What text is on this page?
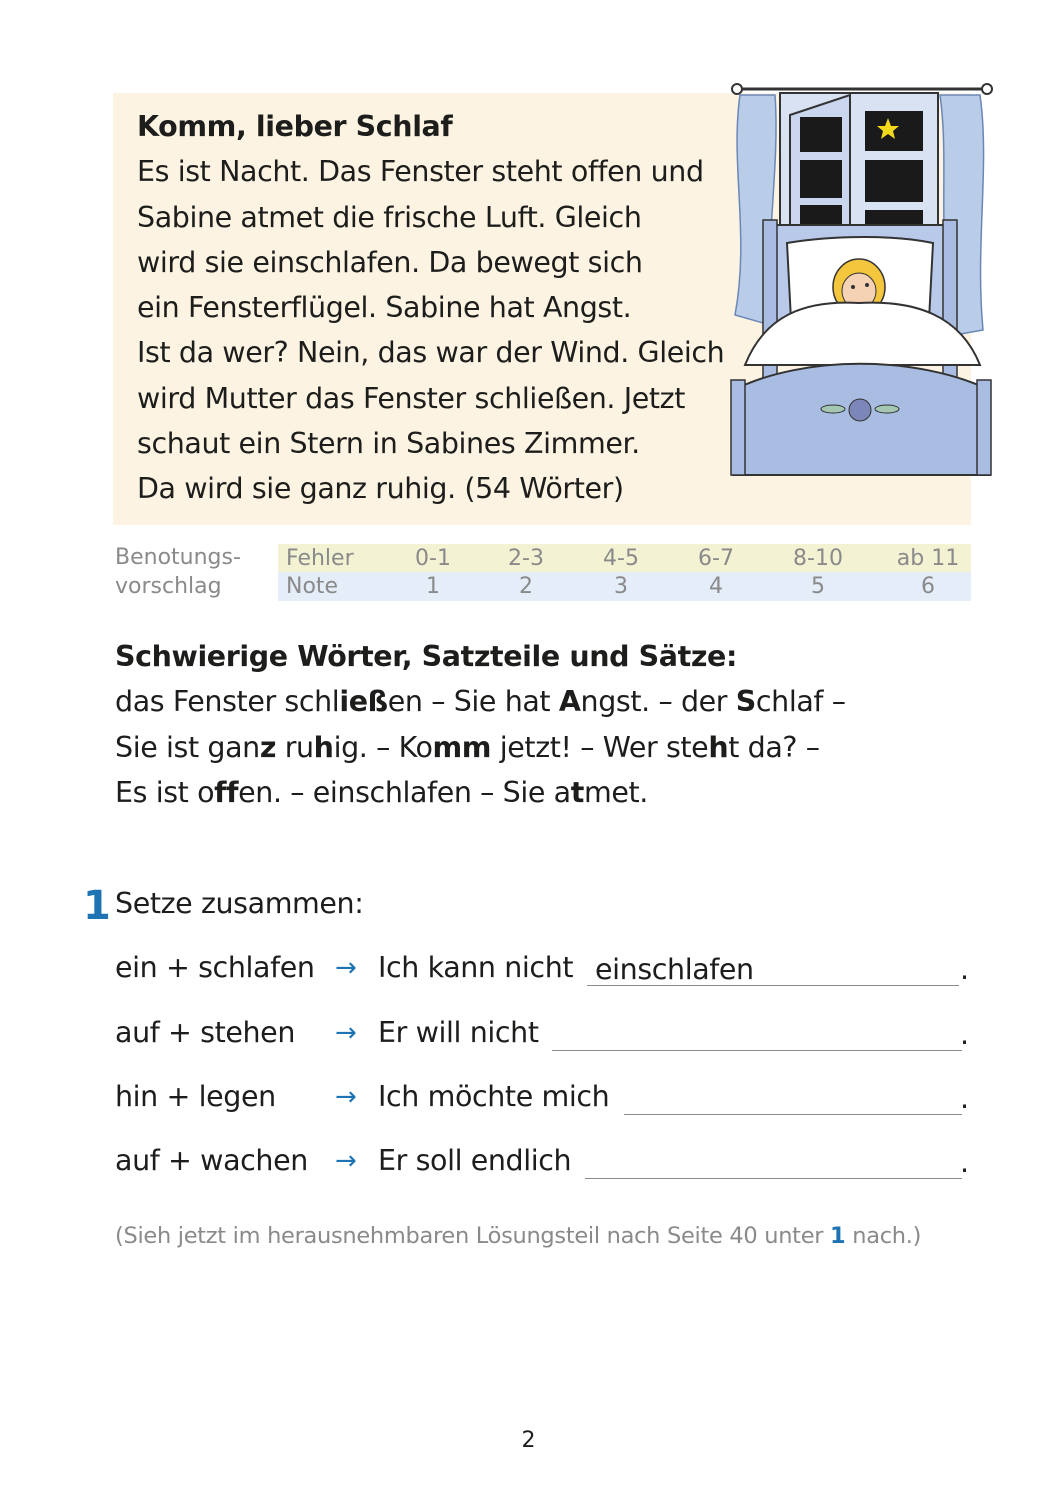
Komm, lieber Schlaf
Es ist Nacht. Das Fenster steht offen und
Sabine atmet die frische Luft. Gleich
wird sie einschlafen. Da bewegt sich
ein Fensterflügel. Sabine hat Angst.
Ist da wer? Nein, das war der Wind. Gleich
wird Mutter das Fenster schließen. Jetzt
schaut ein Stern in Sabines Zimmer.
Da wird sie ganz ruhig. (54 Wörter)
Benotungs-
vorschlag
Fehler	0-1	2-3	4-5	6-7	8-10	ab 11
Note	1	2	3	4	5	6
Schwierige Wörter, Satzteile und Sätze:
das Fenster schließen – Sie hat Angst. – der Schlaf –
Sie ist ganz ruhig. – Komm jetzt! – Wer steht da? –
Es ist offen. – einschlafen – Sie atmet.
1 Setze zusammen:
ein + schlafen → Ich kann nicht einschlafen	.
auf + stehen → Er will nicht	.
hin + legen → Ich möchte mich	.
auf + wachen → Er soll endlich	.
(Sieh jetzt im herausnehmbaren Lösungsteil nach Seite 40 unter 1 nach.)
2
